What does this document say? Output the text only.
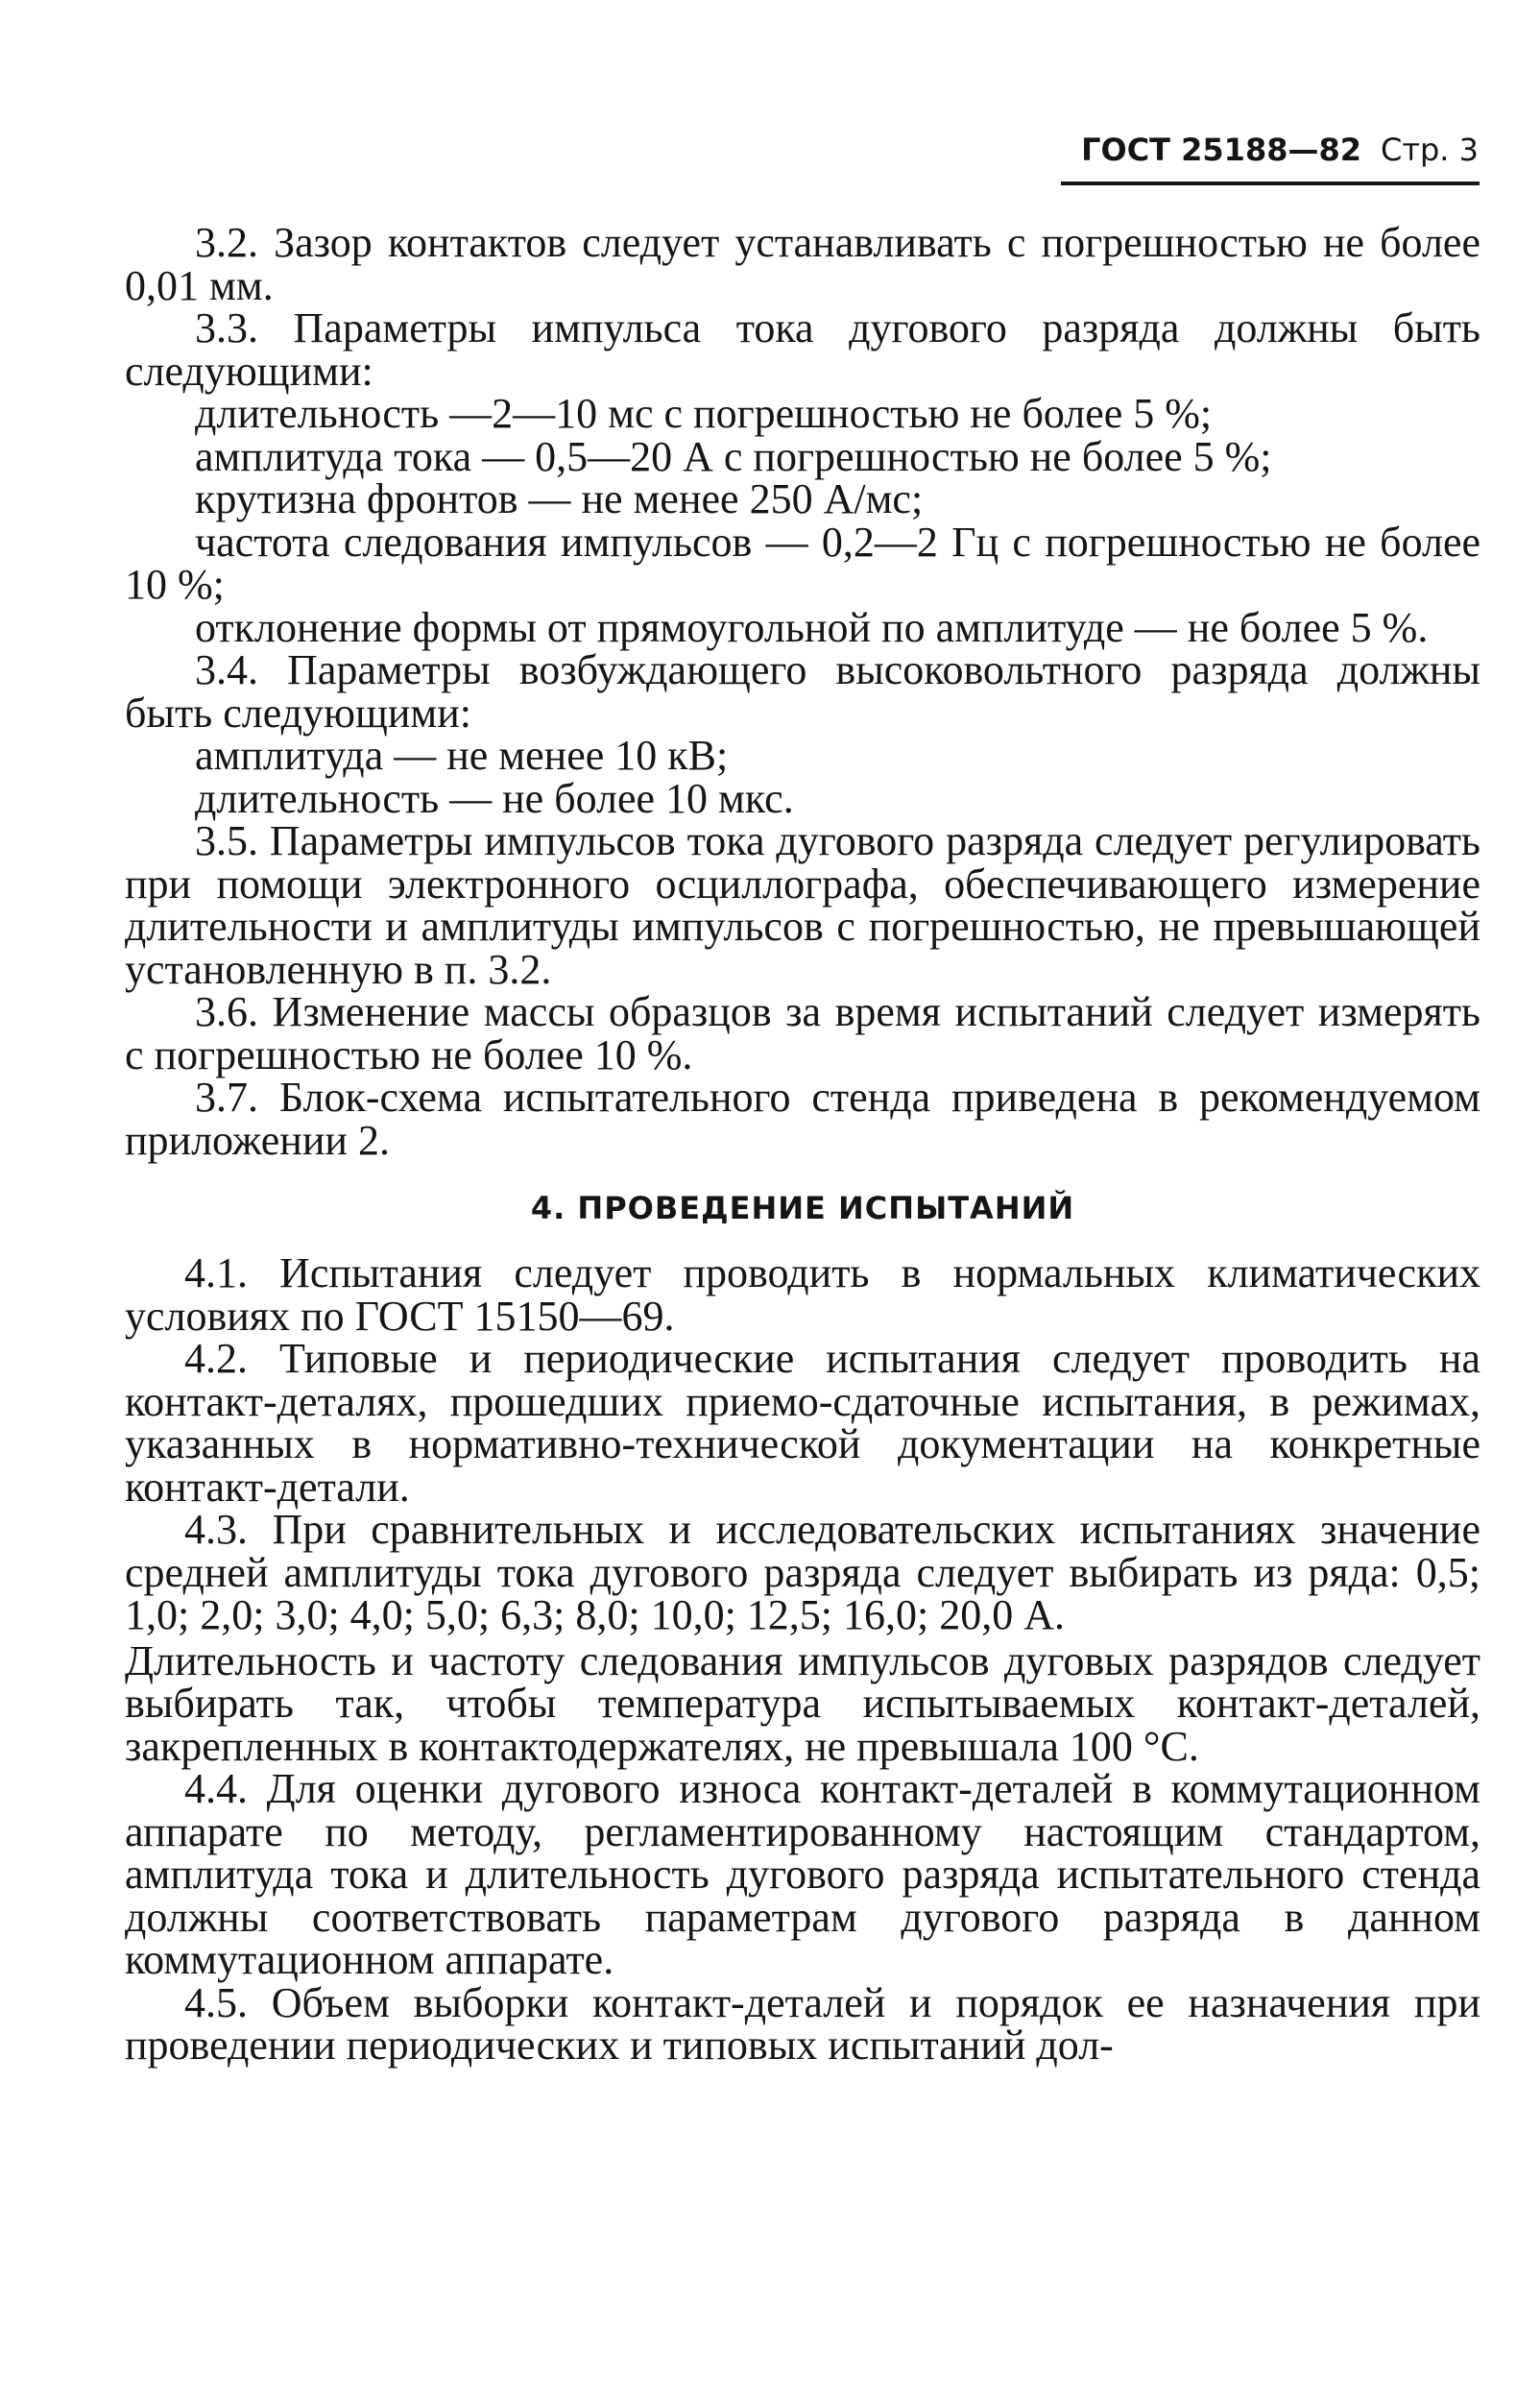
ГОСТ 25188—82 Стр. 3

3.2. Зазор контактов следует устанавливать с погрешностью не более 0,01 мм.

3.3. Параметры импульса тока дугового разряда должны быть следующими:

длительность —2—10 мс с погрешностью не более 5 %;

амплитуда тока — 0,5—20 А с погрешностью не более 5 %;

крутизна фронтов — не менее 250 А/мс;

частота следования импульсов — 0,2—2 Гц с погрешностью не более 10 %;

отклонение формы от прямоугольной по амплитуде — не более 5 %.

3.4. Параметры возбуждающего высоковольтного разряда должны быть следующими:

амплитуда — не менее 10 кВ;

длительность — не более 10 мкс.

3.5. Параметры импульсов тока дугового разряда следует регулировать при помощи электронного осциллографа, обеспечивающего измерение длительности и амплитуды импульсов с погрешностью, не превышающей установленную в п. 3.2.

3.6. Изменение массы образцов за время испытаний следует измерять с погрешностью не более 10 %.

3.7. Блок-схема испытательного стенда приведена в рекомендуемом приложении 2.

4. ПРОВЕДЕНИЕ ИСПЫТАНИЙ

4.1. Испытания следует проводить в нормальных климатических условиях по ГОСТ 15150—69.

4.2. Типовые и периодические испытания следует проводить на контакт-деталях, прошедших приемо-сдаточные испытания, в режимах, указанных в нормативно-технической документации на конкретные контакт-детали.

4.3. При сравнительных и исследовательских испытаниях значение средней амплитуды тока дугового разряда следует выбирать из ряда: 0,5; 1,0; 2,0; 3,0; 4,0; 5,0; 6,3; 8,0; 10,0; 12,5; 16,0; 20,0 А.

Длительность и частоту следования импульсов дуговых разрядов следует выбирать так, чтобы температура испытываемых контакт-деталей, закрепленных в контактодержателях, не превышала 100 °С.

4.4. Для оценки дугового износа контакт-деталей в коммутационном аппарате по методу, регламентированному настоящим стандартом, амплитуда тока и длительность дугового разряда испытательного стенда должны соответствовать параметрам дугового разряда в данном коммутационном аппарате.

4.5. Объем выборки контакт-деталей и порядок ее назначения при проведении периодических и типовых испытаний дол-
